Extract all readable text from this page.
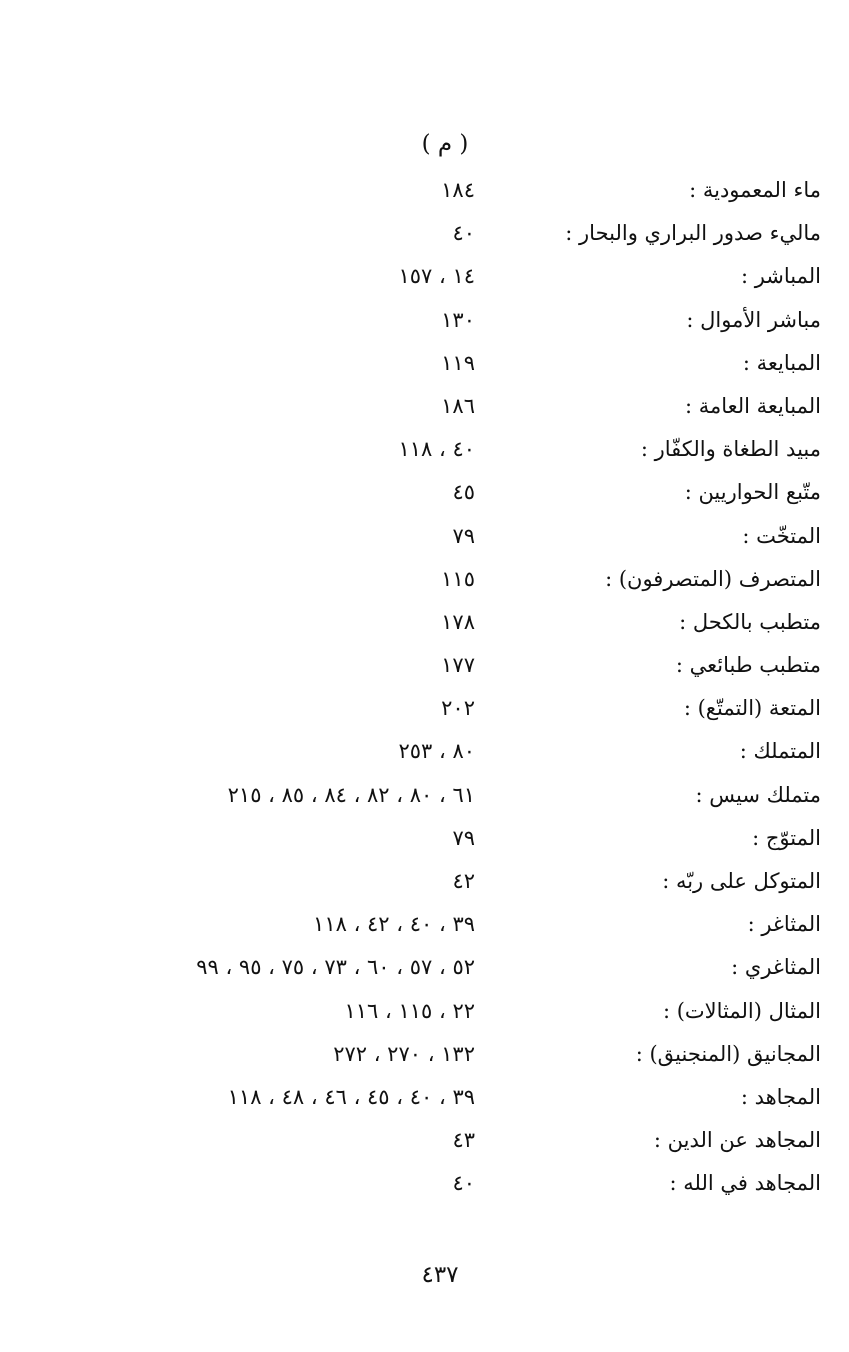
( م )
ماء المعمودية :
١٨٤
ماليء صدور البراري والبحار :
٤٠
المباشر :
١٤ ، ١٥٧
مباشر الأموال :
١٣٠
المبايعة :
١١٩
المبايعة العامة :
١٨٦
مبيد الطغاة والكفّار :
٤٠ ، ١١٨
متّبع الحواريين :
٤٥
المتخّت :
٧٩
المتصرف (المتصرفون) :
١١٥
متطبب بالكحل :
١٧٨
متطبب طبائعي :
١٧٧
المتعة (التمتّع) :
٢٠٢
المتملك :
٨٠ ، ٢٥٣
متملك سيس :
٦١ ، ٨٠ ، ٨٢ ، ٨٤ ، ٨٥ ، ٢١٥
المتوّج :
٧٩
المتوكل على ربّه :
٤٢
المثاغر :
٣٩ ، ٤٠ ، ٤٢ ، ١١٨
المثاغري :
٥٢ ، ٥٧ ، ٦٠ ، ٧٣ ، ٧٥ ، ٩٥ ، ٩٩
المثال (المثالات) :
٢٢ ، ١١٥ ، ١١٦
المجانيق (المنجنيق) :
١٣٢ ، ٢٧٠ ، ٢٧٢
المجاهد :
٣٩ ، ٤٠ ، ٤٥ ، ٤٦ ، ٤٨ ، ١١٨
المجاهد عن الدين :
٤٣
المجاهد في الله :
٤٠
٤٣٧
